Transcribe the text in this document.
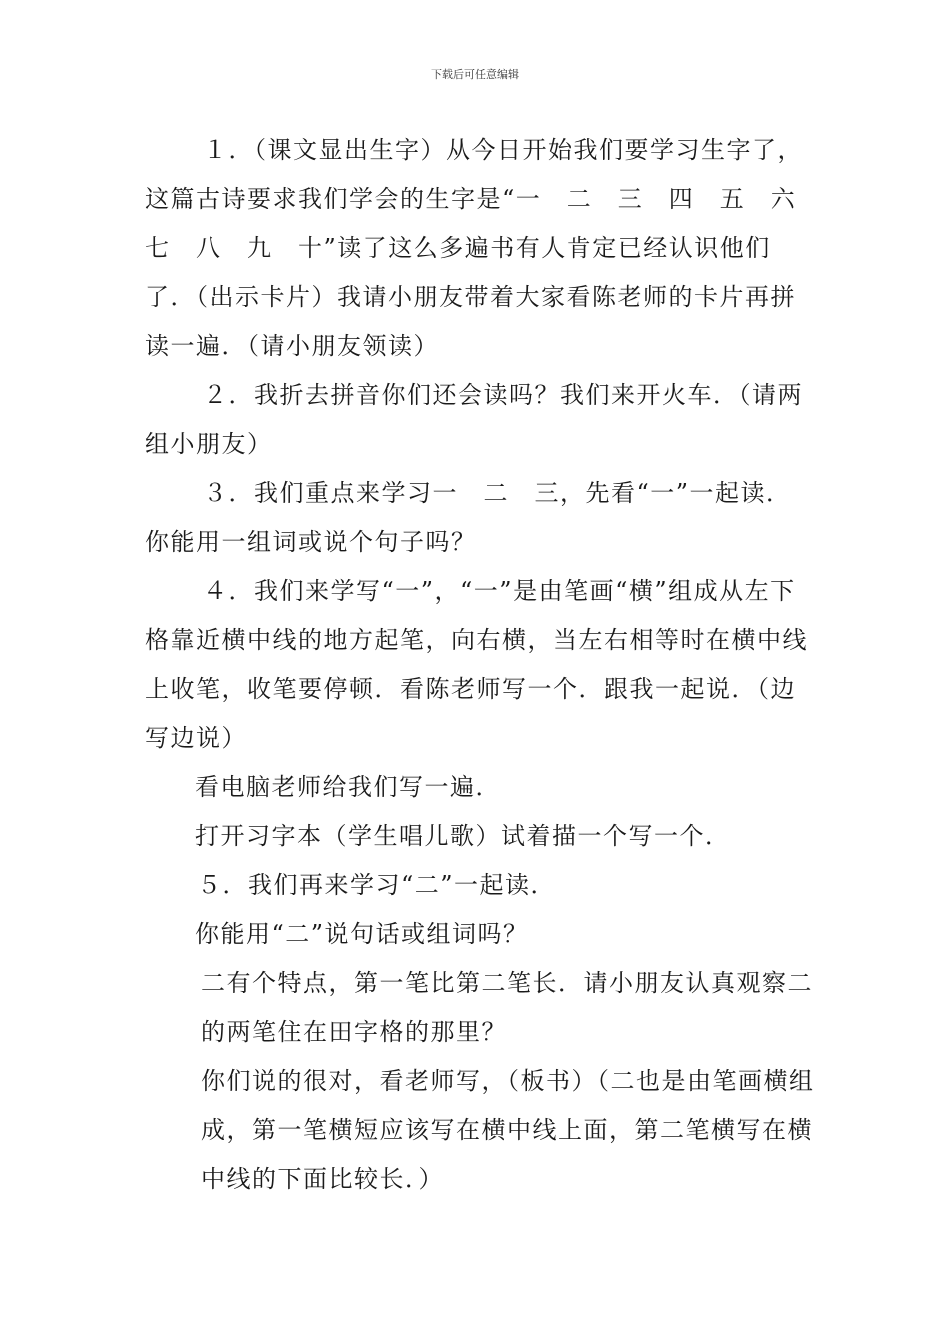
下载后可任意编辑

１．（课文显出生字）从今日开始我们要学习生字了，这篇古诗要求我们学会的生字是“一　二　三　四　五　六　七　八　九　十”读了这么多遍书有人肯定已经认识他们了．（出示卡片）我请小朋友带着大家看陈老师的卡片再拼读一遍．（请小朋友领读）

２．我折去拼音你们还会读吗？我们来开火车．（请两组小朋友）

３．我们重点来学习一　二　三，先看“一”一起读．你能用一组词或说个句子吗？

４．我们来学写“一”，“一”是由笔画“横”组成从左下格靠近横中线的地方起笔，向右横，当左右相等时在横中线上收笔，收笔要停顿．看陈老师写一个．跟我一起说．（边写边说）

看电脑老师给我们写一遍．

打开习字本（学生唱儿歌）试着描一个写一个．

５．我们再来学习“二”一起读．

你能用“二”说句话或组词吗？

二有个特点，第一笔比第二笔长．请小朋友认真观察二的两笔住在田字格的那里？

你们说的很对，看老师写，（板书）（二也是由笔画横组成，第一笔横短应该写在横中线上面，第二笔横写在横中线的下面比较长．）
